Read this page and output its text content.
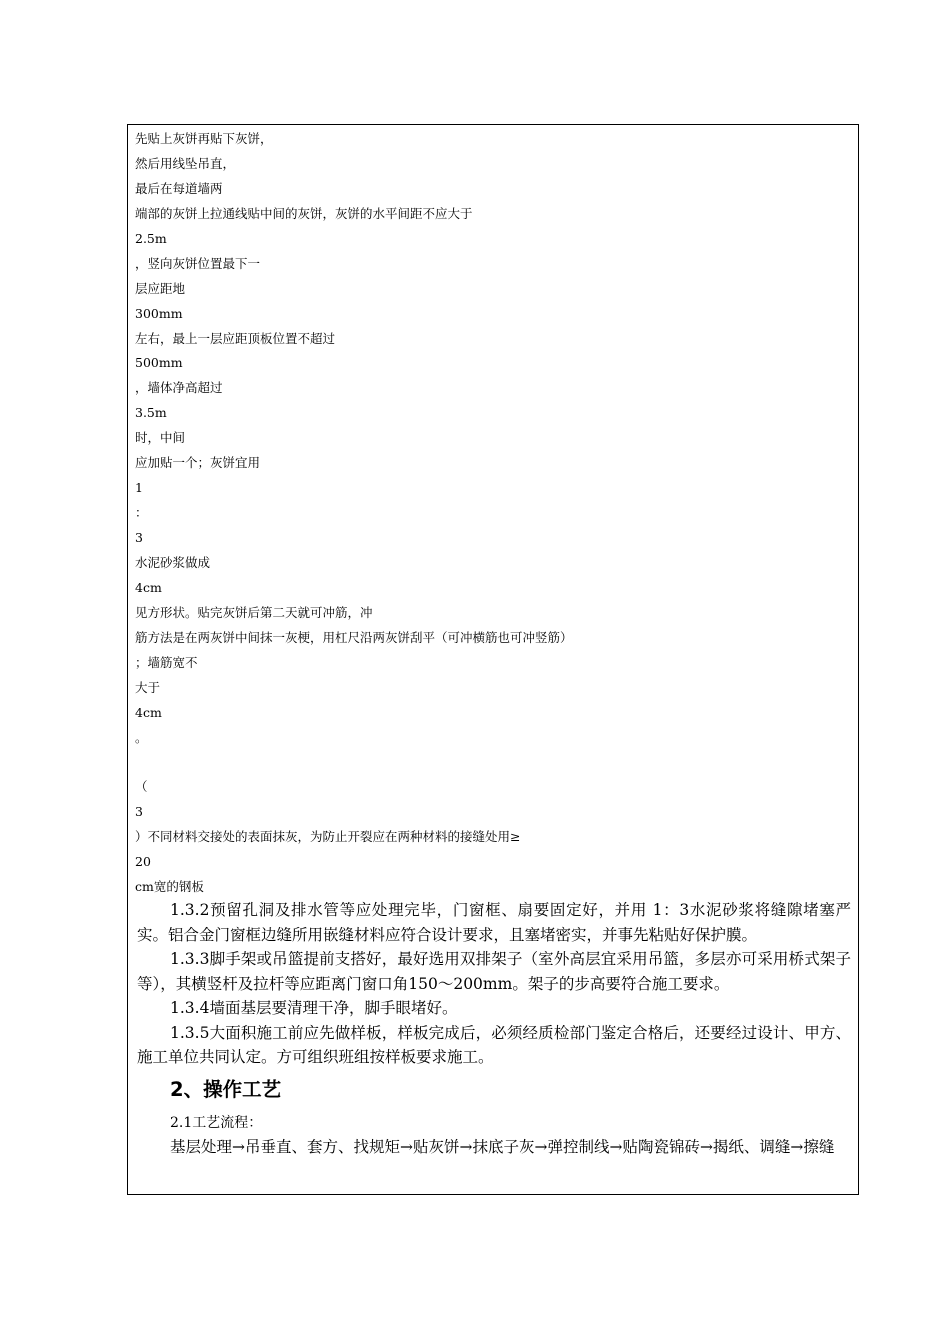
先贴上灰饼再贴下灰饼，
然后用线坠吊直，
最后在每道墙两
端部的灰饼上拉通线贴中间的灰饼，灰饼的水平间距不应大于
2.5m
，竖向灰饼位置最下一
层应距地
300mm
左右，最上一层应距顶板位置不超过
500mm
，墙体净高超过
3.5m
时，中间
应加贴一个；灰饼宜用
1
：
3
水泥砂浆做成
4cm
见方形状。贴完灰饼后第二天就可冲筋，冲
筋方法是在两灰饼中间抹一灰梗，用杠尺沿两灰饼刮平（可冲横筋也可冲竖筋）
；墙筋宽不
大于
4cm
。
（
3
）不同材料交接处的表面抹灰，为防止开裂应在两种材料的接缝处用≥
20
cm宽的钢板

1.3.2预留孔洞及排水管等应处理完毕，门窗框、扇要固定好，并用 1：3水泥砂浆将缝隙堵塞严实。铝合金门窗框边缝所用嵌缝材料应符合设计要求，且塞堵密实，并事先粘贴好保护膜。

1.3.3脚手架或吊篮提前支搭好，最好选用双排架子（室外高层宜采用吊篮，多层亦可采用桥式架子等），其横竖杆及拉杆等应距离门窗口角150～200mm。架子的步高要符合施工要求。

1.3.4墙面基层要清理干净，脚手眼堵好。

1.3.5大面积施工前应先做样板，样板完成后，必须经质检部门鉴定合格后，还要经过设计、甲方、施工单位共同认定。方可组织班组按样板要求施工。

2、操作工艺

2.1工艺流程：

基层处理→吊垂直、套方、找规矩→贴灰饼→抹底子灰→弹控制线→贴陶瓷锦砖→揭纸、调缝→擦缝
